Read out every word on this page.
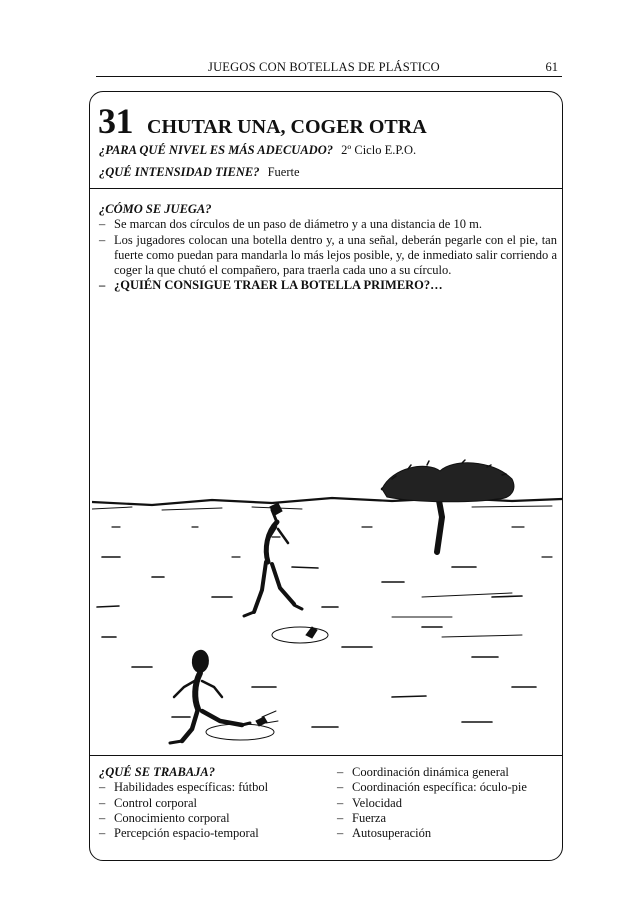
JUEGOS CON BOTELLAS DE PLÁSTICO	61
31 CHUTAR UNA, COGER OTRA
¿PARA QUÉ NIVEL ES MÁS ADECUADO? 2º Ciclo E.P.O.
¿QUÉ INTENSIDAD TIENE? Fuerte
¿CÓMO SE JUEGA?
– Se marcan dos círculos de un paso de diámetro y a una distancia de 10 m.
– Los jugadores colocan una botella dentro y, a una señal, deberán pegarle con el pie, tan fuerte como puedan para mandarla lo más lejos posible, y, de inmediato salir corriendo a coger la que chutó el compañero, para traerla cada uno a su círculo.
– ¿QUIÉN CONSIGUE TRAER LA BOTELLA PRIMERO?…
¿QUÉ SE TRABAJA?
– Habilidades específicas: fútbol
– Control corporal
– Conocimiento corporal
– Percepción espacio-temporal
– Coordinación dinámica general
– Coordinación específica: óculo-pie
– Velocidad
– Fuerza
– Autosuperación
